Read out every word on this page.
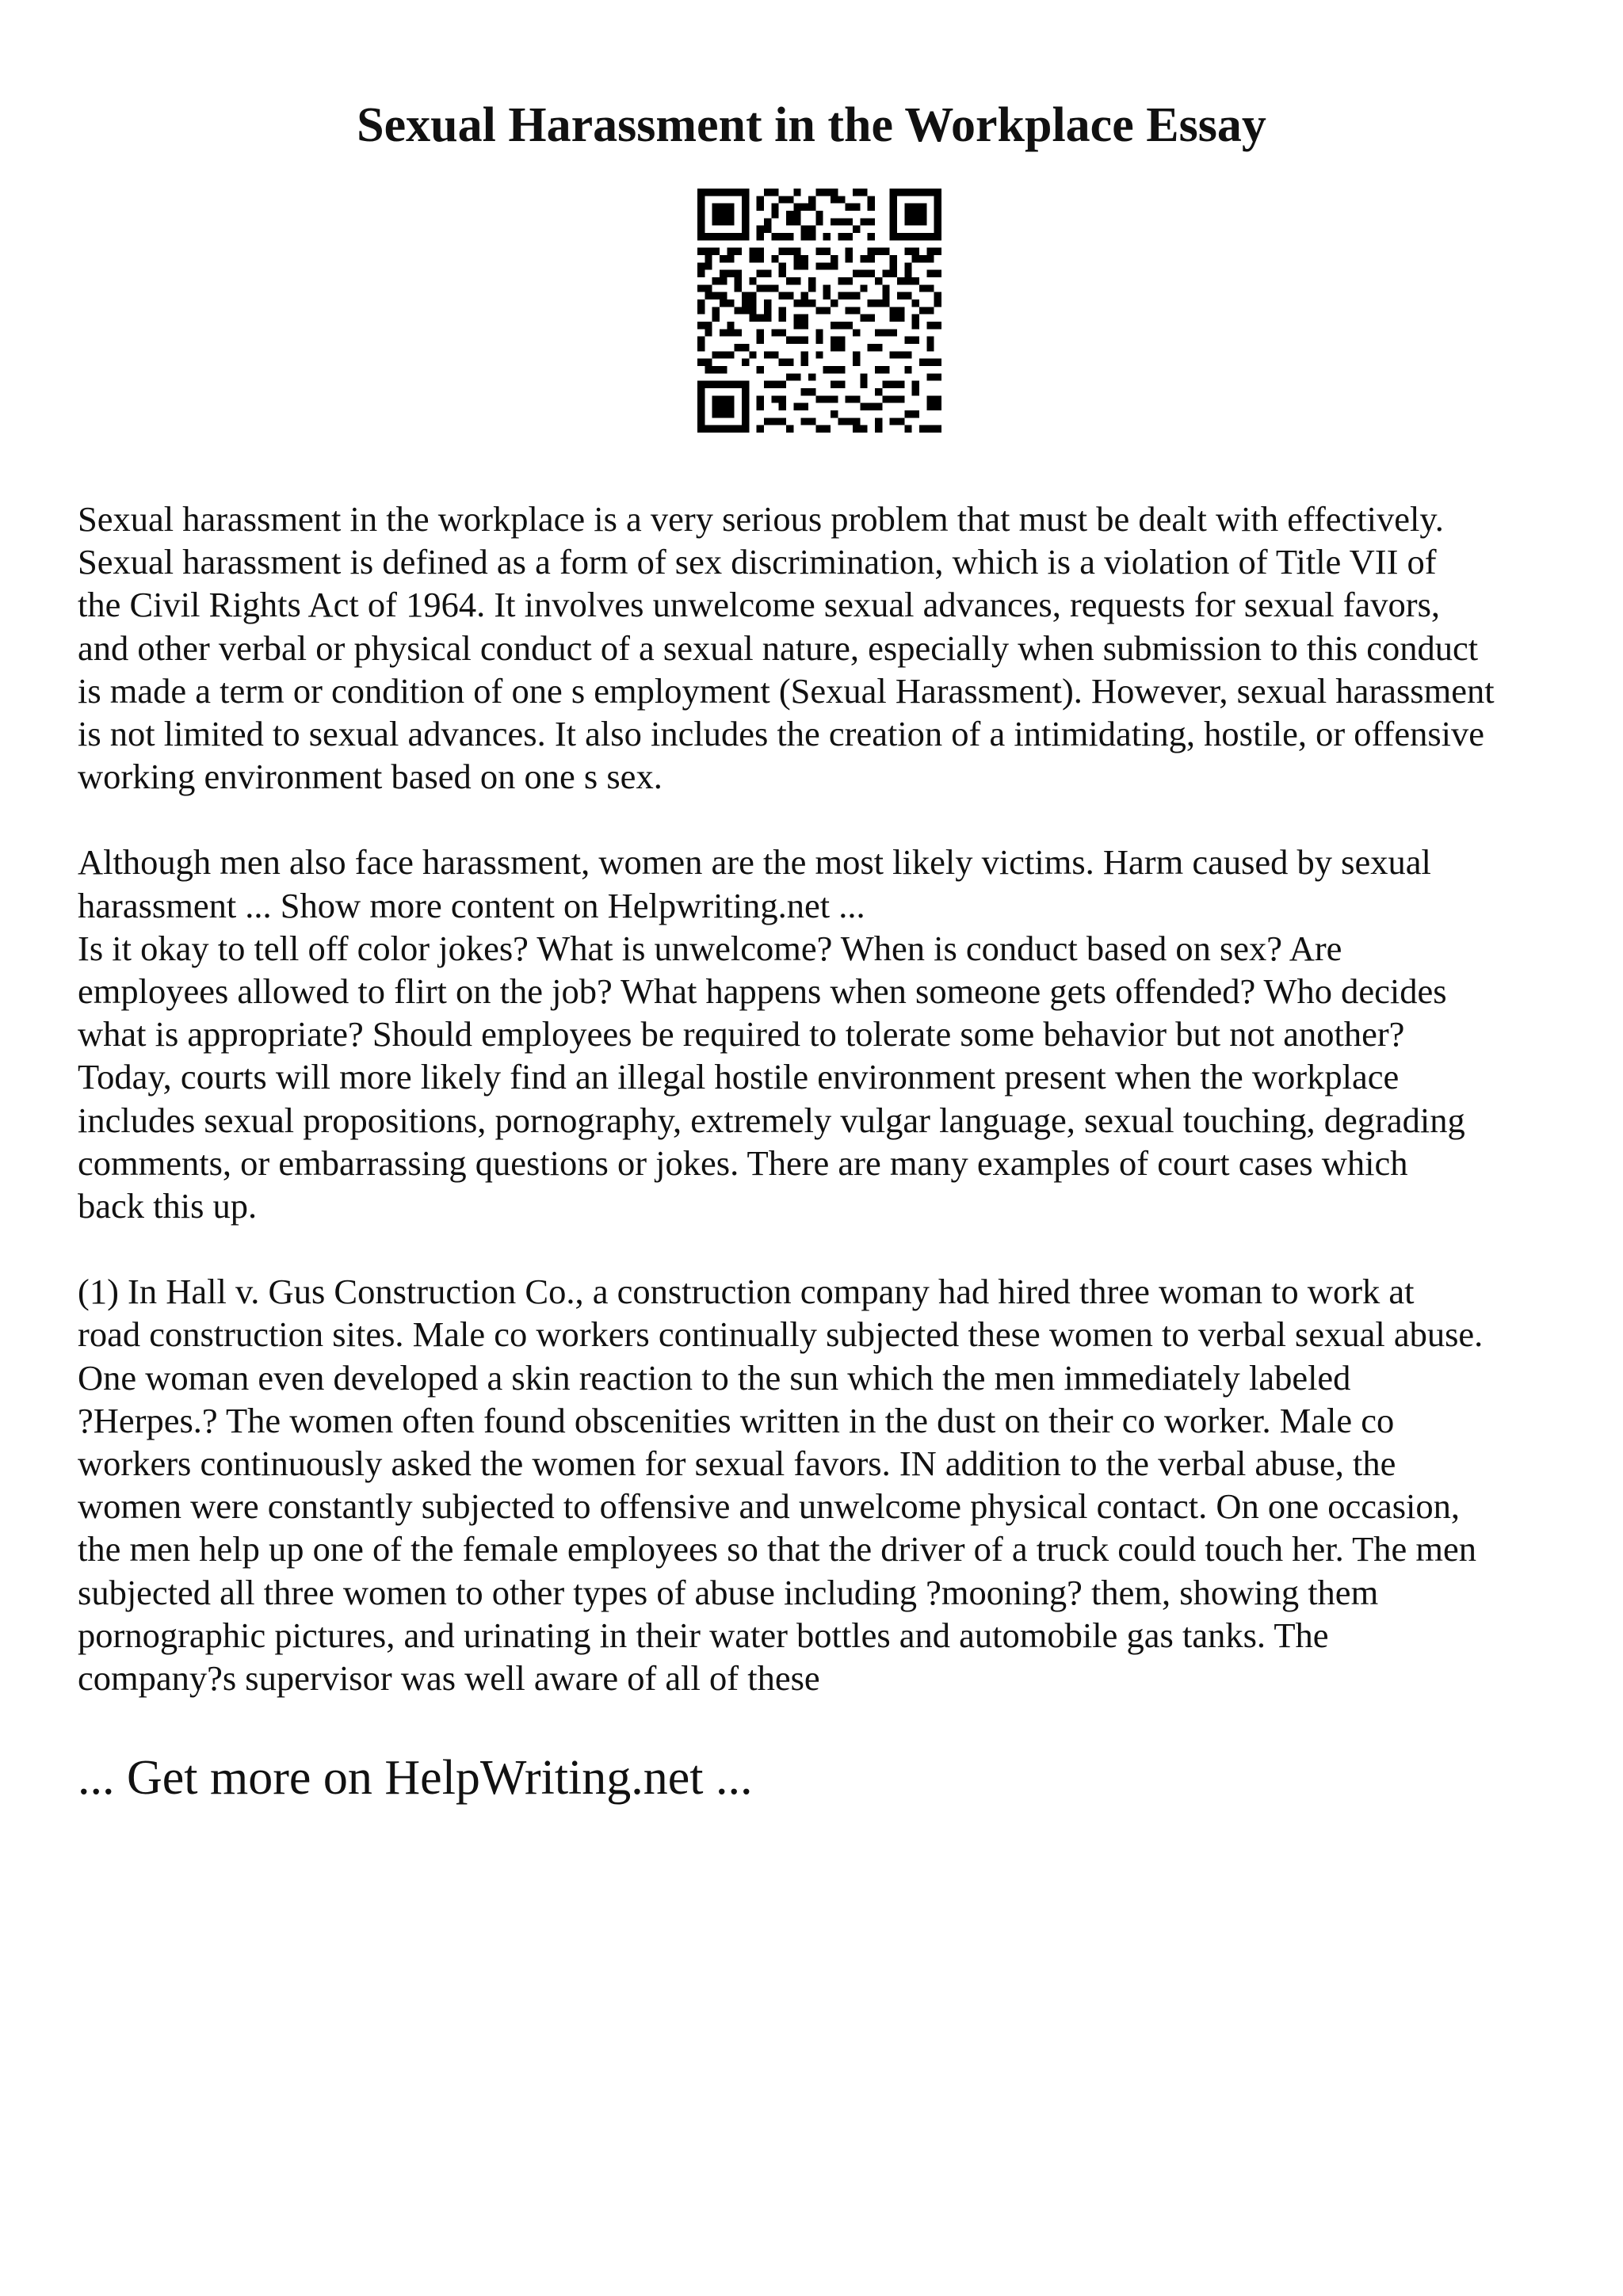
Sexual Harassment in the Workplace Essay

Sexual harassment in the workplace is a very serious problem that must be dealt with effectively.
Sexual harassment is defined as a form of sex discrimination, which is a violation of Title VII of
the Civil Rights Act of 1964. It involves unwelcome sexual advances, requests for sexual favors,
and other verbal or physical conduct of a sexual nature, especially when submission to this conduct
is made a term or condition of one s employment (Sexual Harassment). However, sexual harassment
is not limited to sexual advances. It also includes the creation of a intimidating, hostile, or offensive
working environment based on one s sex.

Although men also face harassment, women are the most likely victims. Harm caused by sexual
harassment ... Show more content on Helpwriting.net ...

Is it okay to tell off color jokes? What is unwelcome? When is conduct based on sex? Are
employees allowed to flirt on the job? What happens when someone gets offended? Who decides
what is appropriate? Should employees be required to tolerate some behavior but not another?
Today, courts will more likely find an illegal hostile environment present when the workplace
includes sexual propositions, pornography, extremely vulgar language, sexual touching, degrading
comments, or embarrassing questions or jokes. There are many examples of court cases which
back this up.

(1) In Hall v. Gus Construction Co., a construction company had hired three woman to work at
road construction sites. Male co workers continually subjected these women to verbal sexual abuse.
One woman even developed a skin reaction to the sun which the men immediately labeled
?Herpes.? The women often found obscenities written in the dust on their co worker. Male co
workers continuously asked the women for sexual favors. IN addition to the verbal abuse, the
women were constantly subjected to offensive and unwelcome physical contact. On one occasion,
the men help up one of the female employees so that the driver of a truck could touch her. The men
subjected all three women to other types of abuse including ?mooning? them, showing them
pornographic pictures, and urinating in their water bottles and automobile gas tanks. The
company?s supervisor was well aware of all of these

... Get more on HelpWriting.net ...
